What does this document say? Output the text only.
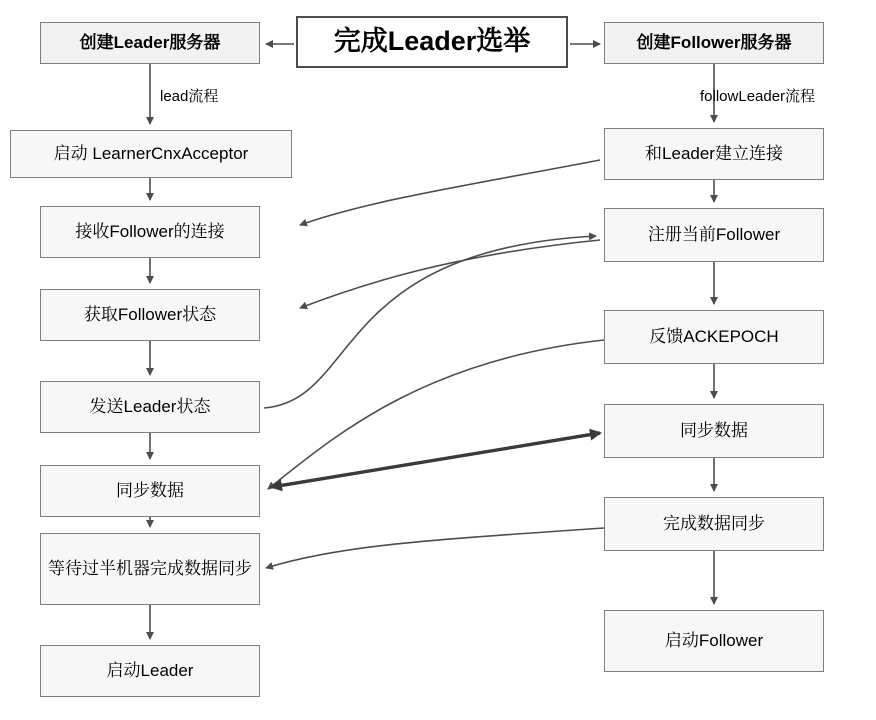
完成Leader选举
创建Leader服务器	创建Follower服务器
启动 LearnerCnxAcceptor
接收Follower的连接
获取Follower状态
发送Leader状态
同步数据
等待过半机器完成数据同步
启动Leader
和Leader建立连接
注册当前Follower
反馈ACKEPOCH
同步数据
完成数据同步
启动Follower
lead流程	followLeader流程
